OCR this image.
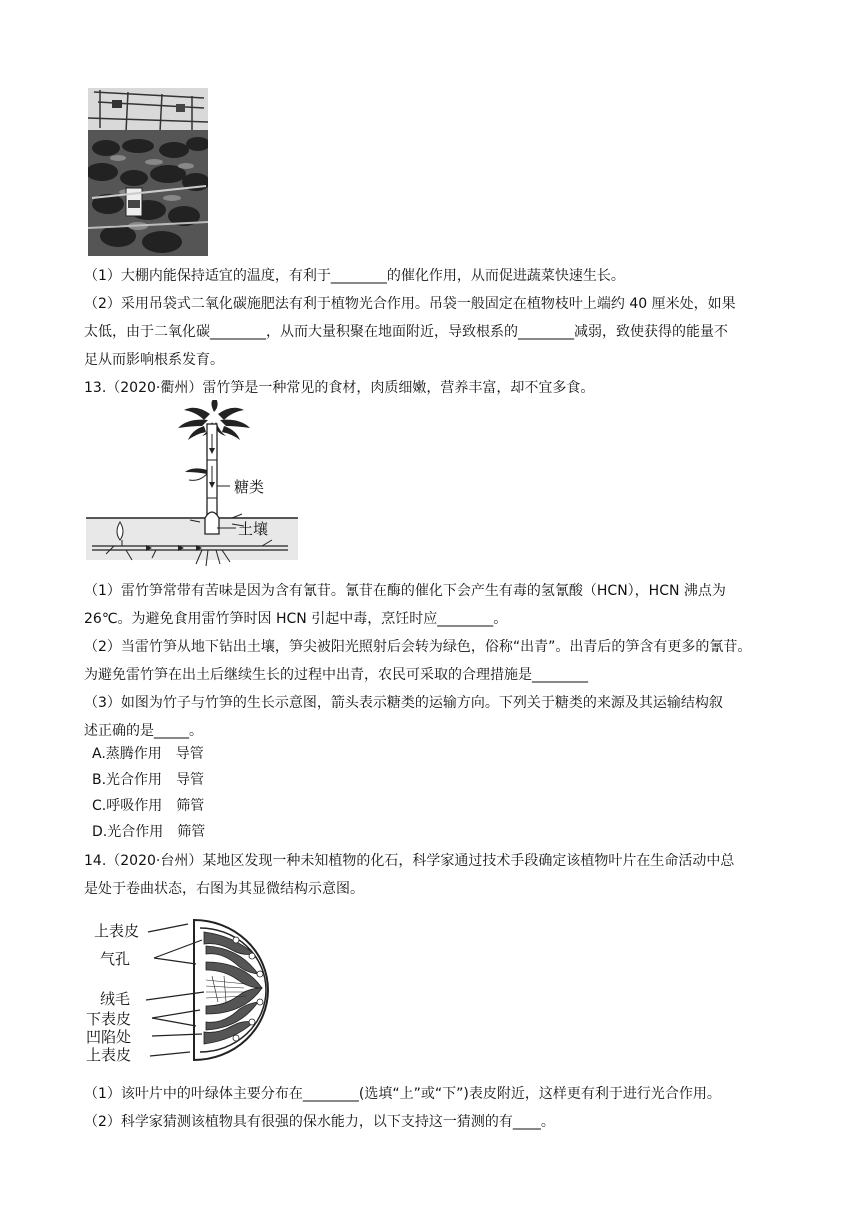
（1）大棚内能保持适宜的温度，有利于________的催化作用，从而促进蔬菜快速生长。
（2）采用吊袋式二氧化碳施肥法有利于植物光合作用。吊袋一般固定在植物枝叶上端约 40 厘米处，如果
太低，由于二氧化碳________，从而大量积聚在地面附近，导致根系的________减弱，致使获得的能量不
足从而影响根系发育。
13.（2020·衢州）雷竹笋是一种常见的食材，肉质细嫩，营养丰富，却不宜多食。
糖类
土壤
（1）雷竹笋常带有苦味是因为含有氰苷。氰苷在酶的催化下会产生有毒的氢氰酸（HCN），HCN 沸点为
26℃。为避免食用雷竹笋时因 HCN 引起中毒，烹饪时应________。
（2）当雷竹笋从地下钻出土壤，笋尖被阳光照射后会转为绿色，俗称“出青”。出青后的笋含有更多的氰苷。
为避免雷竹笋在出土后继续生长的过程中出青，农民可采取的合理措施是________
（3）如图为竹子与竹笋的生长示意图，箭头表示糖类的运输方向。下列关于糖类的来源及其运输结构叙
述正确的是_____。
A.蒸腾作用　导管
B.光合作用　导管
C.呼吸作用　筛管
D.光合作用　筛管
14.（2020·台州）某地区发现一种未知植物的化石，科学家通过技术手段确定该植物叶片在生命活动中总
是处于卷曲状态，右图为其显微结构示意图。
上表皮
气孔
绒毛
下表皮
凹陷处
上表皮
（1）该叶片中的叶绿体主要分布在________(选填“上”或“下”)表皮附近，这样更有利于进行光合作用。
（2）科学家猜测该植物具有很强的保水能力，以下支持这一猜测的有____。
